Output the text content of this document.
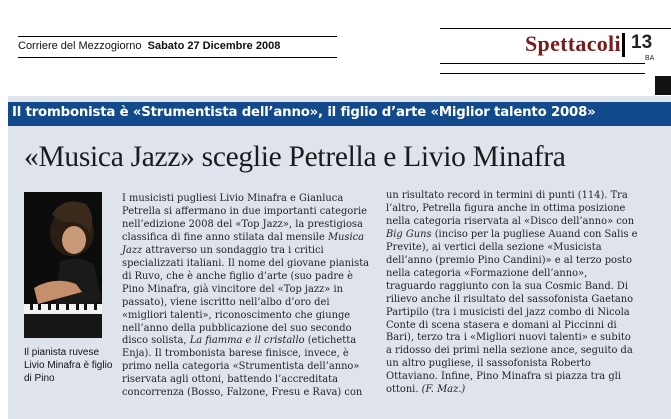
Corriere del Mezzogiorno Sabato 27 Dicembre 2008	Spettacoli 13
BA
Il trombonista è «Strumentista dell’anno», il figlio d’arte «Miglior talento 2008»
«Musica Jazz» sceglie Petrella e Livio Minafra
Il pianista ruvese Livio Minafra è figlio di Pino
I musicisti pugliesi Livio Minafra e Gianluca
Petrella si affermano in due importanti categorie
nell’edizione 2008 del «Top Jazz», la prestigiosa
classifica di fine anno stilata dal mensile Musica
Jazz attraverso un sondaggio tra i critici
specializzati italiani. Il nome del giovane pianista
di Ruvo, che è anche figlio d’arte (suo padre è
Pino Minafra, già vincitore del «Top jazz» in
passato), viene iscritto nell’albo d’oro dei
«migliori talenti», riconoscimento che giunge
nell’anno della pubblicazione del suo secondo
disco solista, La fiamma e il cristallo (etichetta
Enja). Il trombonista barese finisce, invece, è
primo nella categoria «Strumentista dell’anno»
riservata agli ottoni, battendo l’accreditata
concorrenza (Bosso, Falzone, Fresu e Rava) con
un risultato record in termini di punti (114). Tra
l’altro, Petrella figura anche in ottima posizione
nella categoria riservata al «Disco dell’anno» con
Big Guns (inciso per la pugliese Auand con Salis e
Previte), ai vertici della sezione «Musicista
dell’anno (premio Pino Candini)» e al terzo posto
nella categoria «Formazione dell’anno»,
traguardo raggiunto con la sua Cosmic Band. Di
rilievo anche il risultato del sassofonista Gaetano
Partipilo (tra i musicisti del jazz combo di Nicola
Conte di scena stasera e domani al Piccinni di
Bari), terzo tra i «Migliori nuovi talenti» e subito
a ridosso dei primi nella sezione ance, seguito da
un altro pugliese, il sassofonista Roberto
Ottaviano. Infine, Pino Minafra si piazza tra gli
ottoni. (F. Maz.)
